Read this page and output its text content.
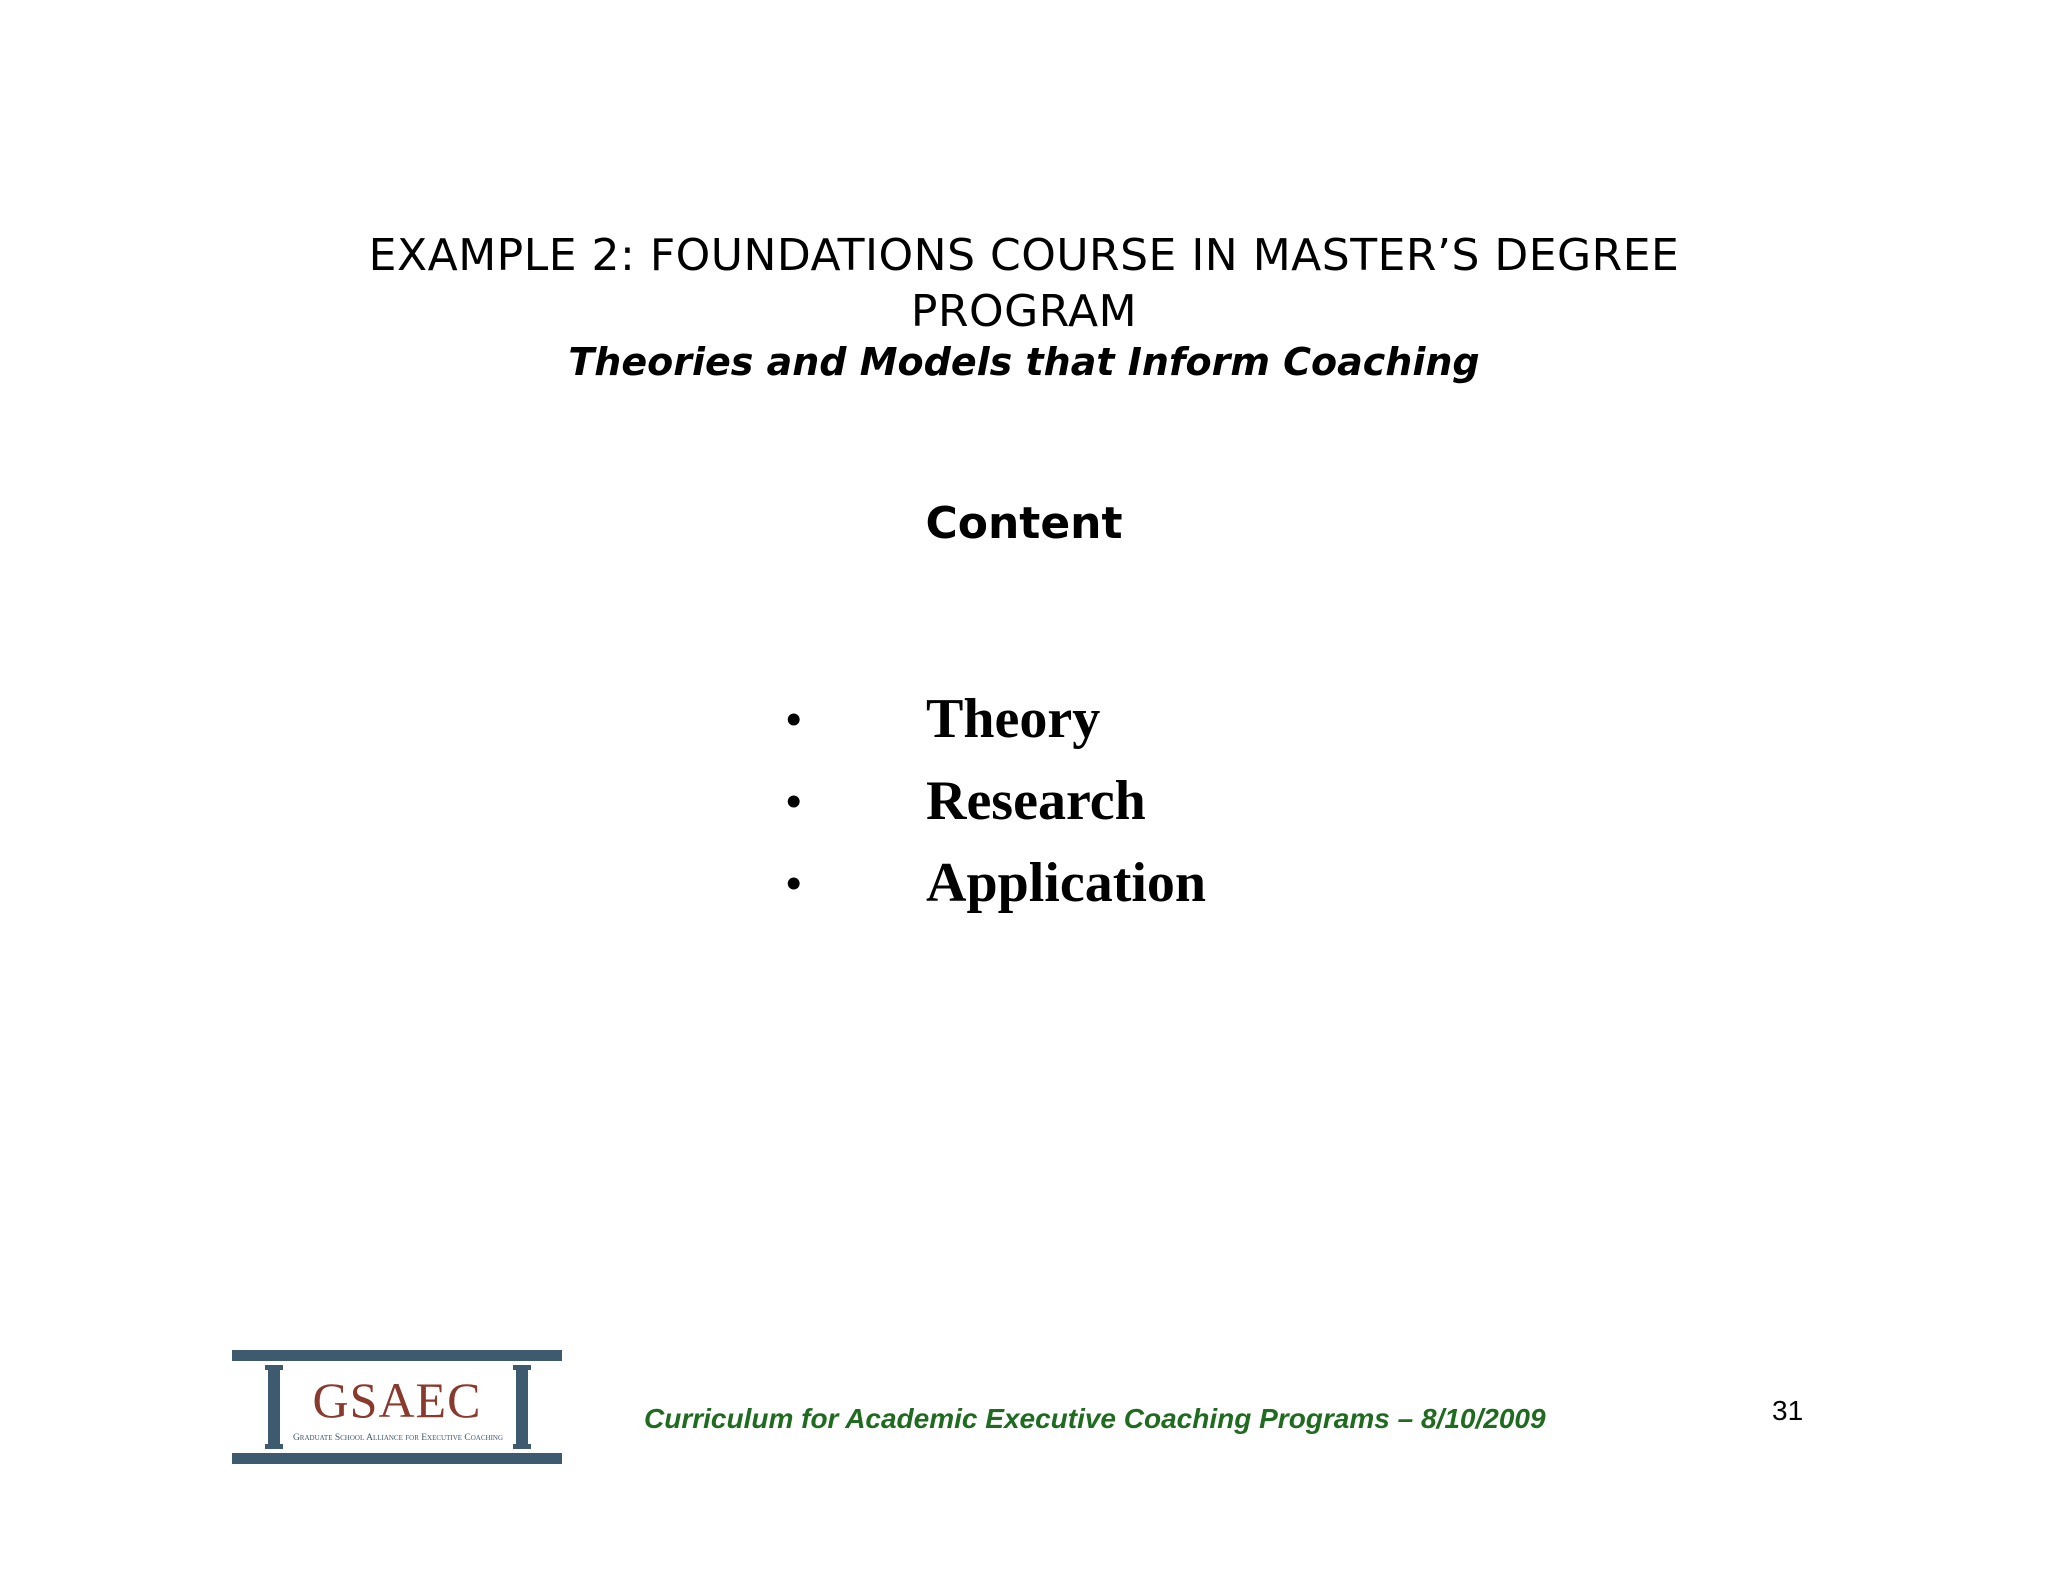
EXAMPLE 2: FOUNDATIONS COURSE IN MASTER’S DEGREE
PROGRAM
Theories and Models that Inform Coaching
Content
•	Theory
•	Research
•	Application
GSAEC
Graduate School Alliance for Executive Coaching
Curriculum for Academic Executive Coaching Programs – 8/10/2009	31
